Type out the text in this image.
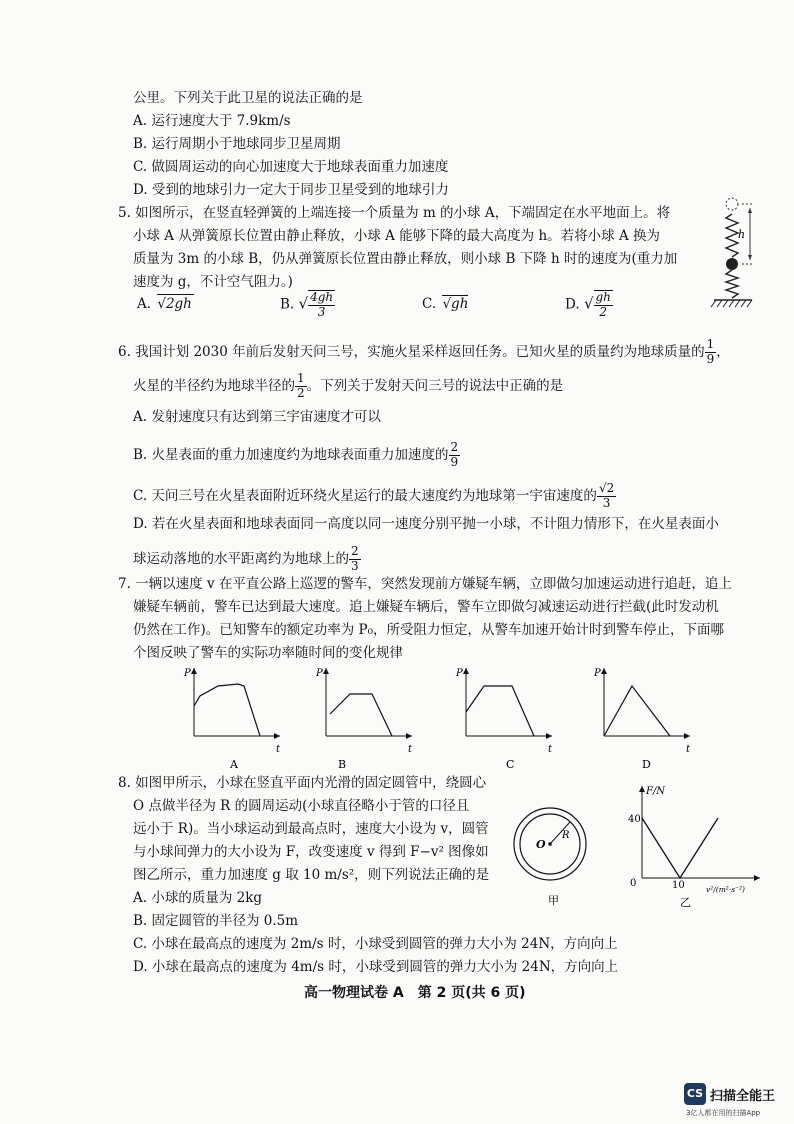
公里。下列关于此卫星的说法正确的是
A. 运行速度大于 7.9km/s
B. 运行周期小于地球同步卫星周期
C. 做圆周运动的向心加速度大于地球表面重力加速度
D. 受到的地球引力一定大于同步卫星受到的地球引力
5. 如图所示，在竖直轻弹簧的上端连接一个质量为 m 的小球 A，下端固定在水平地面上。将
小球 A 从弹簧原长位置由静止释放，小球 A 能够下降的最大高度为 h。若将小球 A 换为
质量为 3m 的小球 B，仍从弹簧原长位置由静止释放，则小球 B 下降 h 时的速度为(重力加
速度为 g，不计空气阻力。)
h
A. √2gh	B. √ $\frac{4gh}{3}$	C. √gh	D. √ $\frac{gh}{2}$
6. 我国计划 2030 年前后发射天问三号，实施火星采样返回任务。已知火星的质量约为地球质量的 $\frac{1}{9}$ ，
火星的半径约为地球半径的 $\frac{1}{2}$ 。下列关于发射天问三号的说法中正确的是
A. 发射速度只有达到第三宇宙速度才可以
B. 火星表面的重力加速度约为地球表面重力加速度的 $\frac{2}{9}$
C. 天问三号在火星表面附近环绕火星运行的最大速度约为地球第一宇宙速度的 $\frac{√2}{3}$
D. 若在火星表面和地球表面同一高度以同一速度分别平抛一小球，不计阻力情形下，在火星表面小
球运动落地的水平距离约为地球上的 $\frac{2}{3}$
7. 一辆以速度 v 在平直公路上巡逻的警车，突然发现前方嫌疑车辆，立即做匀加速运动进行追赶，追上
嫌疑车辆前，警车已达到最大速度。追上嫌疑车辆后，警车立即做匀减速运动进行拦截(此时发动机
仍然在工作)。已知警车的额定功率为 P₀，所受阻力恒定，从警车加速开始计时到警车停止，下面哪
个图反映了警车的实际功率随时间的变化规律
P
t
A
P
t
B
P
t
C
P
t
D
8. 如图甲所示，小球在竖直平面内光滑的固定圆管中，绕圆心
O 点做半径为 R 的圆周运动(小球直径略小于管的口径且
远小于 R)。当小球运动到最高点时，速度大小设为 v，圆管
与小球间弹力的大小设为 F，改变速度 v 得到 F−v² 图像如
图乙所示，重力加速度 g 取 10 m/s²，则下列说法正确的是
A. 小球的质量为 2kg
B. 固定圆管的半径为 0.5m
C. 小球在最高点的速度为 2m/s 时，小球受到圆管的弹力大小为 24N，方向向上
D. 小球在最高点的速度为 4m/s 时，小球受到圆管的弹力大小为 24N，方向向上
O
R
甲
F/N
v²/(m²·s⁻²)
40
10
0
乙
高一物理试卷 A　第 2 页(共 6 页)
CS 扫描全能王
3亿人都在用的扫描App
